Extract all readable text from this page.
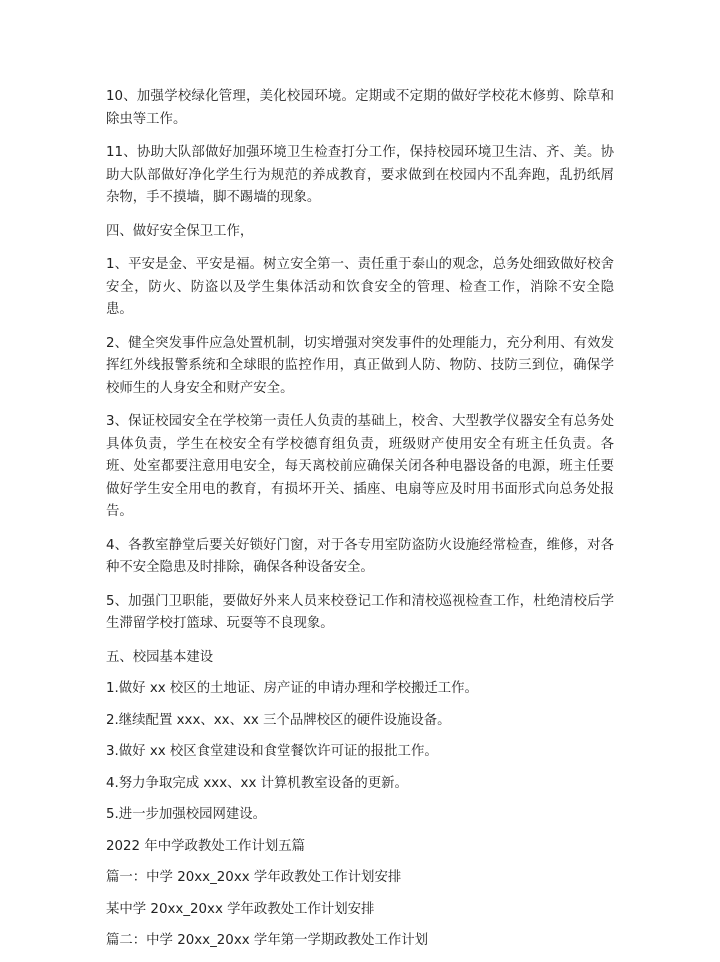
10、加强学校绿化管理，美化校园环境。定期或不定期的做好学校花木修剪、除草和除虫等工作。

11、协助大队部做好加强环境卫生检查打分工作，保持校园环境卫生洁、齐、美。协助大队部做好净化学生行为规范的养成教育，要求做到在校园内不乱奔跑，乱扔纸屑杂物，手不摸墙，脚不踢墙的现象。

四、做好安全保卫工作，

1、平安是金、平安是福。树立安全第一、责任重于泰山的观念，总务处细致做好校舍安全，防火、防盗以及学生集体活动和饮食安全的管理、检查工作，消除不安全隐患。

2、健全突发事件应急处置机制，切实增强对突发事件的处理能力，充分利用、有效发挥红外线报警系统和全球眼的监控作用，真正做到人防、物防、技防三到位，确保学校师生的人身安全和财产安全。

3、保证校园安全在学校第一责任人负责的基础上，校舍、大型教学仪器安全有总务处具体负责，学生在校安全有学校德育组负责，班级财产使用安全有班主任负责。各班、处室都要注意用电安全，每天离校前应确保关闭各种电器设备的电源，班主任要做好学生安全用电的教育，有损坏开关、插座、电扇等应及时用书面形式向总务处报告。

4、各教室静堂后要关好锁好门窗，对于各专用室防盗防火设施经常检查，维修，对各种不安全隐患及时排除，确保各种设备安全。

5、加强门卫职能，要做好外来人员来校登记工作和清校巡视检查工作，杜绝清校后学生滞留学校打篮球、玩耍等不良现象。

五、校园基本建设

1.做好 xx 校区的土地证、房产证的申请办理和学校搬迁工作。

2.继续配置 xxx、xx、xx 三个品牌校区的硬件设施设备。

3.做好 xx 校区食堂建设和食堂餐饮许可证的报批工作。

4.努力争取完成 xxx、xx 计算机教室设备的更新。

5.进一步加强校园网建设。

2022 年中学政教处工作计划五篇

篇一：中学 20xx_20xx 学年政教处工作计划安排

某中学 20xx_20xx 学年政教处工作计划安排

篇二：中学 20xx_20xx 学年第一学期政教处工作计划
